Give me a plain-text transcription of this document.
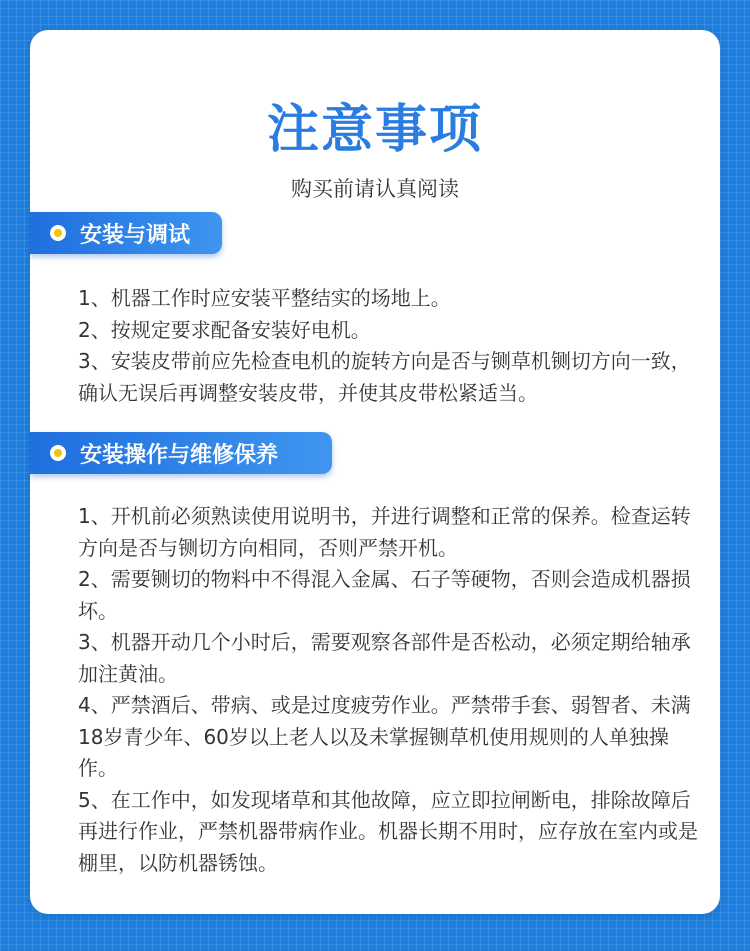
注意事项
购买前请认真阅读
安装与调试
1、机器工作时应安装平整结实的场地上。
2、按规定要求配备安装好电机。
3、安装皮带前应先检查电机的旋转方向是否与铡草机铡切方向一致，确认无误后再调整安装皮带，并使其皮带松紧适当。
安装操作与维修保养
1、开机前必须熟读使用说明书，并进行调整和正常的保养。检查运转方向是否与铡切方向相同，否则严禁开机。
2、需要铡切的物料中不得混入金属、石子等硬物，否则会造成机器损坏。
3、机器开动几个小时后，需要观察各部件是否松动，必须定期给轴承加注黄油。
4、严禁酒后、带病、或是过度疲劳作业。严禁带手套、弱智者、未满18岁青少年、60岁以上老人以及未掌握铡草机使用规则的人单独操作。
5、在工作中，如发现堵草和其他故障，应立即拉闸断电，排除故障后再进行作业，严禁机器带病作业。机器长期不用时，应存放在室内或是棚里，以防机器锈蚀。
